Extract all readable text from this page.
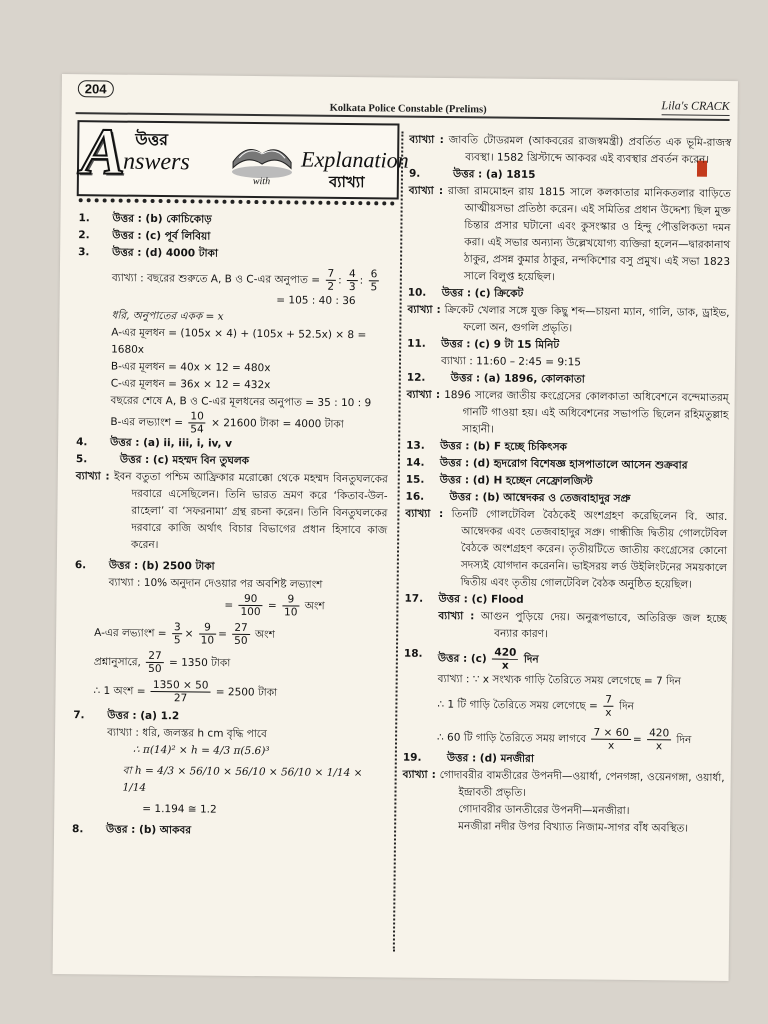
204
Kolkata Police Constable (Prelims)	Lila's CRACK
A উত্তর
nswers
with
Explanation
ব্যাখ্যা
1. উত্তর : (b) কোচিকোড়
2. উত্তর : (c) পূর্ব লিবিয়া
3. উত্তর : (d) 4000 টাকা
ব্যাখ্যা : বছরের শুরুতে A, B ও C-এর অনুপাত = $\frac{7}{2}$ : $\frac{4}{3}$ : $\frac{6}{5}$
= 105 : 40 : 36
ধরি, অনুপাতের একক = x
A-এর মূলধন = (105x × 4) + (105x + 52.5x) × 8 = 1680x
B-এর মূলধন = 40x × 12 = 480x
C-এর মূলধন = 36x × 12 = 432x
বছরের শেষে A, B ও C-এর মূলধনের অনুপাত = 35 : 10 : 9
B-এর লভ্যাংশ = $\frac{10}{54} \times 21600$ টাকা = 4000 টাকা
4. উত্তর : (a) ii, iii, i, iv, v
5.	উত্তর : (c) মহম্মদ বিন তুঘলক
ব্যাখ্যা : ইবন বতুতা পশ্চিম আফ্রিকার মরোক্কো থেকে মহম্মদ বিনতুঘলকের দরবারে এসেছিলেন। তিনি ভারত ভ্রমণ করে ‘কিতাব-উল-রাহেলা’ বা ‘সফরনামা’ গ্রন্থ রচনা করেন। তিনি বিনতুঘলকের দরবারে কাজি অর্থাৎ বিচার বিভাগের প্রধান হিসাবে কাজ করেন।
6. উত্তর : (b) 2500 টাকা
ব্যাখ্যা : 10% অনুদান দেওয়ার পর অবশিষ্ট লভ্যাংশ
= $\frac{90}{100} = \frac{9}{10}$ অংশ
A-এর লভ্যাংশ = $\frac{3}{5} \times \frac{9}{10} = \frac{27}{50}$ অংশ
প্রশ্নানুসারে, $\frac{27}{50} = 1350$ টাকা
∴ 1 অংশ = $\frac{1350 \times 50}{27} = 2500$ টাকা
7. উত্তর : (a) 1.2
ব্যাখ্যা : ধরি, জলস্তর h cm বৃদ্ধি পাবে
∴ π(14)² × h = 4/3 π(5.6)³
বা h = 4/3 × 56/10 × 56/10 × 56/10 × 1/14 × 1/14
= 1.194 ≅ 1.2
8. উত্তর : (b) আকবর
ব্যাখ্যা : জাবতি টোডরমল (আকবরের রাজস্বমন্ত্রী) প্রবর্তিত এক ভূমি-রাজস্ব ব্যবস্থা। 1582 খ্রিস্টাব্দে আকবর এই ব্যবস্থার প্রবর্তন করেন।
9.	উত্তর : (a) 1815
ব্যাখ্যা : রাজা রামমোহন রায় 1815 সালে কলকাতার মানিকতলার বাড়িতে আত্মীয়সভা প্রতিষ্ঠা করেন। এই সমিতির প্রধান উদ্দেশ্য ছিল মুক্ত চিন্তার প্রসার ঘটানো এবং কুসংস্কার ও হিন্দু পৌত্তলিকতা দমন করা। এই সভার অন্যান্য উল্লেখযোগ্য ব্যক্তিরা হলেন—দ্বারকানাথ ঠাকুর, প্রসন্ন কুমার ঠাকুর, নন্দকিশোর বসু প্রমুখ। এই সভা 1823 সালে বিলুপ্ত হয়েছিল।
10. উত্তর : (c) ক্রিকেট
ব্যাখ্যা : ক্রিকেট খেলার সঙ্গে যুক্ত কিছু শব্দ—চায়না ম্যান, গালি, ডাক, ড্রাইভ, ফলো অন, গুগলি প্রভৃতি।
11. উত্তর : (c) 9 টা 15 মিনিট
ব্যাখ্যা : 11:60 – 2:45 = 9:15
12. উত্তর : (a) 1896, কোলকাতা
ব্যাখ্যা : 1896 সালের জাতীয় কংগ্রেসের কোলকাতা অধিবেশনে বন্দেমাতরম্ গানটি গাওয়া হয়। এই অধিবেশনের সভাপতি ছিলেন রহিমতুল্লাহ সাহানী।
13. উত্তর : (b) F হচ্ছে চিকিৎসক
14. উত্তর : (d) হৃদরোগ বিশেষজ্ঞ হাসপাতালে আসেন শুক্রবার
15. উত্তর : (d) H হচ্ছেন নেফ্রোলজিস্ট
16. উত্তর : (b) আম্বেদকর ও তেজবাহাদুর সপ্রু
ব্যাখ্যা : তিনটি গোলটেবিল বৈঠকেই অংশগ্রহণ করেছিলেন বি. আর. আম্বেদকর এবং তেজবাহাদুর সপ্রু। গান্ধীজি দ্বিতীয় গোলটেবিল বৈঠকে অংশগ্রহণ করেন। তৃতীয়টিতে জাতীয় কংগ্রেসের কোনো সদস্যই যোগদান করেননি। ভাইসরয় লর্ড উইলিংটনের সময়কালে দ্বিতীয় এবং তৃতীয় গোলটেবিল বৈঠক অনুষ্ঠিত হয়েছিল।
17. উত্তর : (c) Flood
ব্যাখ্যা : আগুন পুড়িয়ে দেয়। অনুরূপভাবে, অতিরিক্ত জল হচ্ছে বন্যার কারণ।
18. উত্তর : $(c) \frac{420}{x}$ দিন
ব্যাখ্যা : ∵ x সংখ্যক গাড়ি তৈরিতে সময় লেগেছে = 7 দিন
∴ 1 টি গাড়ি তৈরিতে সময় লেগেছে = $\frac{7}{x}$ দিন
∴ 60 টি গাড়ি তৈরিতে সময় লাগবে $\frac{7 \times 60}{x} = \frac{420}{x}$ দিন
19. উত্তর : (d) মনজীরা
ব্যাখ্যা : গোদাবরীর বামতীরের উপনদী—ওয়ার্ধা, পেনগঙ্গা, ওয়েনগঙ্গা, ওয়ার্ধা, ইন্দ্রাবতী প্রভৃতি।
গোদাবরীর ডানতীরের উপনদী—মনজীরা।
মনজীরা নদীর উপর বিখ্যাত নিজাম-সাগর বাঁধ অবস্থিত।
